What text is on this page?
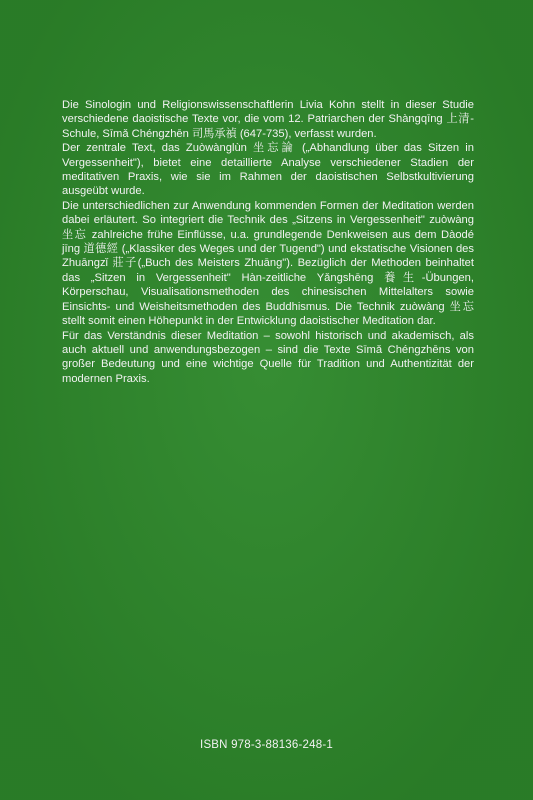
Die Sinologin und Religionswissenschaftlerin Livia Kohn stellt in dieser Studie verschiedene daoistische Texte vor, die vom 12. Patriarchen der Shàngqīng 上清-Schule, Sīmǎ Chéngzhēn 司馬承禎 (647-735), verfasst wurden.

Der zentrale Text, das Zuòwànglùn 坐忘論 („Abhandlung über das Sitzen in Vergessenheit"), bietet eine detaillierte Analyse verschiedener Stadien der meditativen Praxis, wie sie im Rahmen der daoistischen Selbstkultivierung ausgeübt wurde.

Die unterschiedlichen zur Anwendung kommenden Formen der Meditation werden dabei erläutert. So integriert die Technik des „Sitzens in Vergessenheit" zuòwàng 坐忘 zahlreiche frühe Einflüsse, u.a. grundlegende Denkweisen aus dem Dàodé jīng 道德經 („Klassiker des Weges und der Tugend") und ekstatische Visionen des Zhuāngzǐ 莊子(„Buch des Meisters Zhuāng"). Bezüglich der Methoden beinhaltet das „Sitzen in Vergessenheit" Hàn-zeitliche Yǎngshēng 養生-Übungen, Körperschau, Visualisationsmethoden des chinesischen Mittelalters sowie Einsichts- und Weisheitsmethoden des Buddhismus. Die Technik zuòwàng 坐忘 stellt somit einen Höhepunkt in der Entwicklung daoistischer Meditation dar.

Für das Verständnis dieser Meditation – sowohl historisch und akademisch, als auch aktuell und anwendungsbezogen – sind die Texte Sīmǎ Chéngzhēns von großer Bedeutung und eine wichtige Quelle für Tradition und Authentizität der modernen Praxis.

ISBN 978-3-88136-248-1
